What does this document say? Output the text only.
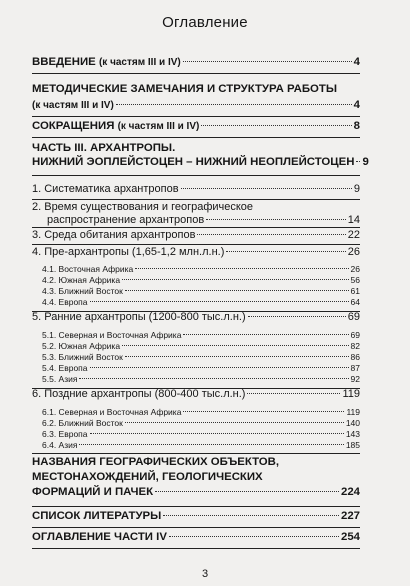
Оглавление
ВВЕДЕНИЕ (к частям III и IV)	4
МЕТОДИЧЕСКИЕ ЗАМЕЧАНИЯ И СТРУКТУРА РАБОТЫ
(к частям III и IV)	4
СОКРАЩЕНИЯ (к частям III и IV)	8
ЧАСТЬ III. АРХАНТРОПЫ.
НИЖНИЙ ЭОПЛЕЙСТОЦЕН – НИЖНИЙ НЕОПЛЕЙСТОЦЕН 9
1. Систематика архантропов	9
2. Время существования и географическое
распространение архантропов	14
3. Среда обитания архантропов	22
4. Пре-архантропы (1,65-1,2 млн.л.н.)	26
4.1. Восточная Африка	26
4.2. Южная Африка	56
4.3. Ближний Восток	61
4.4. Европа	64
5. Ранние архантропы (1200-800 тыс.л.н.)	69
5.1. Северная и Восточная Африка	69
5.2. Южная Африка	82
5.3. Ближний Восток	86
5.4. Европа	87
5.5. Азия	92
6. Поздние архантропы (800-400 тыс.л.н.)	119
6.1. Северная и Восточная Африка	119
6.2. Ближний Восток	140
6.3. Европа	143
6.4. Азия	185
НАЗВАНИЯ ГЕОГРАФИЧЕСКИХ ОБЪЕКТОВ,
МЕСТОНАХОЖДЕНИЙ, ГЕОЛОГИЧЕСКИХ
ФОРМАЦИЙ И ПАЧЕК	224
СПИСОК ЛИТЕРАТУРЫ	227
ОГЛАВЛЕНИЕ ЧАСТИ IV	254
3
